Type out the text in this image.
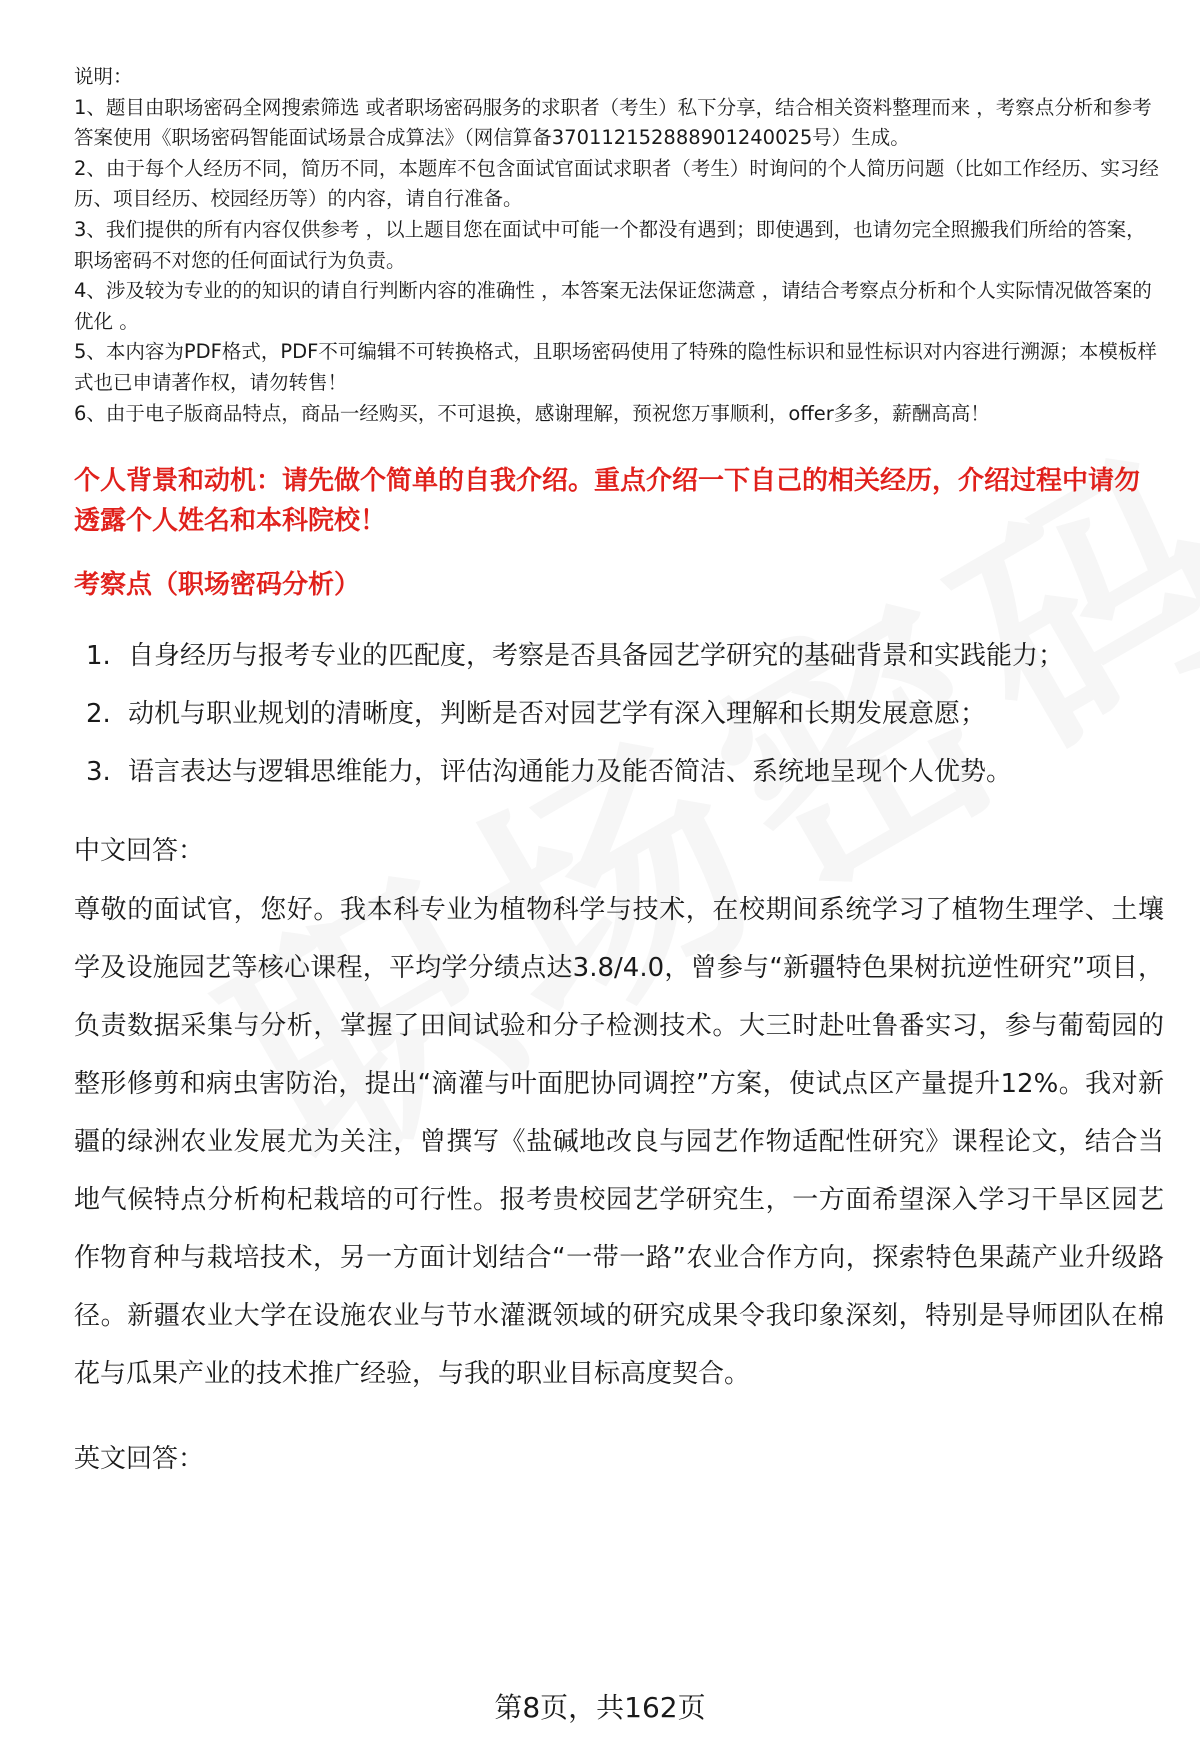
说明：

1、题目由职场密码全网搜索筛选 或者职场密码服务的求职者（考生）私下分享，结合相关资料整理而来 ，考察点分析和参考答案使用《职场密码智能面试场景合成算法》（网信算备370112152888901240025号）生成。

2、由于每个人经历不同，简历不同，本题库不包含面试官面试求职者（考生）时询问的个人简历问题（比如工作经历、实习经历、项目经历、校园经历等）的内容，请自行准备。

3、我们提供的所有内容仅供参考 ，以上题目您在面试中可能一个都没有遇到；即使遇到，也请勿完全照搬我们所给的答案，职场密码不对您的任何面试行为负责。

4、涉及较为专业的的知识的请自行判断内容的准确性 ，本答案无法保证您满意 ，请结合考察点分析和个人实际情况做答案的优化 。

5、本内容为PDF格式，PDF不可编辑不可转换格式，且职场密码使用了特殊的隐性标识和显性标识对内容进行溯源；本模板样式也已申请著作权，请勿转售！

6、由于电子版商品特点，商品一经购买，不可退换，感谢理解，预祝您万事顺利，offer多多，薪酬高高！

个人背景和动机：请先做个简单的自我介绍。重点介绍一下自己的相关经历，介绍过程中请勿透露个人姓名和本科院校！
考察点（职场密码分析）
1. 自身经历与报考专业的匹配度，考察是否具备园艺学研究的基础背景和实践能力；
2. 动机与职业规划的清晰度，判断是否对园艺学有深入理解和长期发展意愿；
3. 语言表达与逻辑思维能力，评估沟通能力及能否简洁、系统地呈现个人优势。
中文回答：
尊敬的面试官，您好。我本科专业为植物科学与技术，在校期间系统学习了植物生理学、土壤学及设施园艺等核心课程，平均学分绩点达3.8/4.0，曾参与“新疆特色果树抗逆性研究”项目，负责数据采集与分析，掌握了田间试验和分子检测技术。大三时赴吐鲁番实习，参与葡萄园的整形修剪和病虫害防治，提出“滴灌与叶面肥协同调控”方案，使试点区产量提升12%。我对新疆的绿洲农业发展尤为关注，曾撰写《盐碱地改良与园艺作物适配性研究》课程论文，结合当地气候特点分析枸杞栽培的可行性。报考贵校园艺学研究生，一方面希望深入学习干旱区园艺作物育种与栽培技术，另一方面计划结合“一带一路”农业合作方向，探索特色果蔬产业升级路径。新疆农业大学在设施农业与节水灌溉领域的研究成果令我印象深刻，特别是导师团队在棉花与瓜果产业的技术推广经验，与我的职业目标高度契合。
英文回答：
第8页，共162页
